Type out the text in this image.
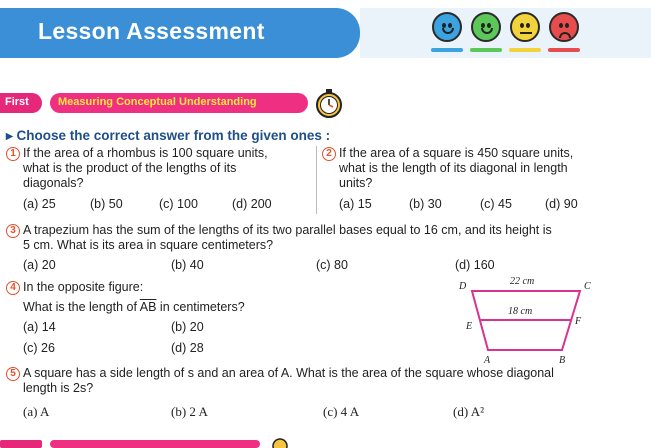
Lesson Assessment
First	Measuring Conceptual Understanding
▸ Choose the correct answer from the given ones :
1 If the area of a rhombus is 100 square units,
what is the product of the lengths of its
diagonals?
(a) 25	(b) 50	(c) 100	(d) 200
2 If the area of a square is 450 square units,
what is the length of its diagonal in length
units?
(a) 15	(b) 30	(c) 45	(d) 90
3 A trapezium has the sum of the lengths of its two parallel bases equal to 16 cm, and its height is
5 cm. What is its area in square centimeters?
(a) 20	(b) 40	(c) 80	(d) 160
4 In the opposite figure:
What is the length of $\overline{AB}$ in centimeters?
(a) 14	(b) 20
(c) 26	(d) 28
22 cm
18 cm
D	C
E	F
A	B
5 A square has a side length of s and an area of A. What is the area of the square whose diagonal
length is 2s?
(a) A	(b) 2 A	(c) 4 A	(d) A²
